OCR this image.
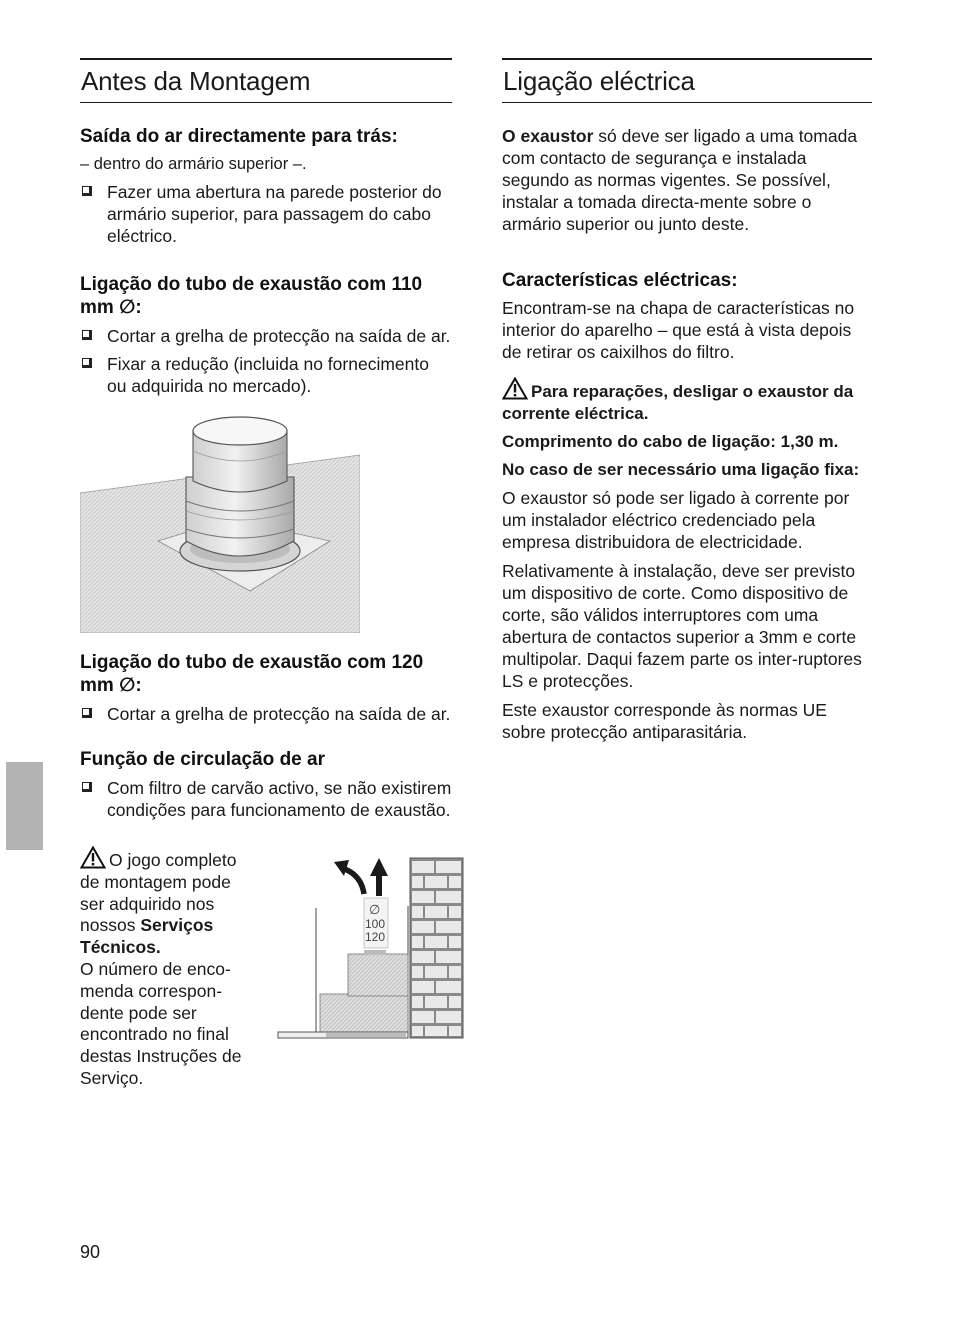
Antes da Montagem
Saída do ar directamente para trás:

– dentro do armário superior –.

Fazer uma abertura na parede posterior do armário superior, para passagem do cabo eléctrico.
Ligação do tubo de exaustão com 110 mm ∅:
Cortar a grelha de protecção na saída de ar.
Fixar a redução (incluida no fornecimento ou adquirida no mercado).
Ligação do tubo de exaustão com 120 mm ∅:
Cortar a grelha de protecção na saída de ar.
Função de circulação de ar
Com filtro de carvão activo, se não existirem condições para funcionamento de exaustão.
O jogo completo
de montagem pode
ser adquirido nos
nossos Serviços
Técnicos.
O número de enco-
menda correspon-
dente pode ser
encontrado no final
destas Instruções de
Serviço.
∅
100
120
Ligação eléctrica

O exaustor só deve ser ligado a uma tomada com contacto de segurança e instalada segundo as normas vigentes. Se possível, instalar a tomada directa-mente sobre o armário superior ou junto deste.

Características eléctricas:

Encontram-se na chapa de características no interior do aparelho – que está à vista depois de retirar os caixilhos do filtro.

Para reparações, desligar o exaustor da corrente eléctrica.

Comprimento do cabo de ligação: 1,30 m.

No caso de ser necessário uma ligação fixa:

O exaustor só pode ser ligado à corrente por um instalador eléctrico credenciado pela empresa distribuidora de electricidade.

Relativamente à instalação, deve ser previsto um dispositivo de corte. Como dispositivo de corte, são válidos interruptores com uma abertura de contactos superior a 3mm e corte multipolar. Daqui fazem parte os inter-ruptores LS e protecções.

Este exaustor corresponde às normas UE sobre protecção antiparasitária.

90
